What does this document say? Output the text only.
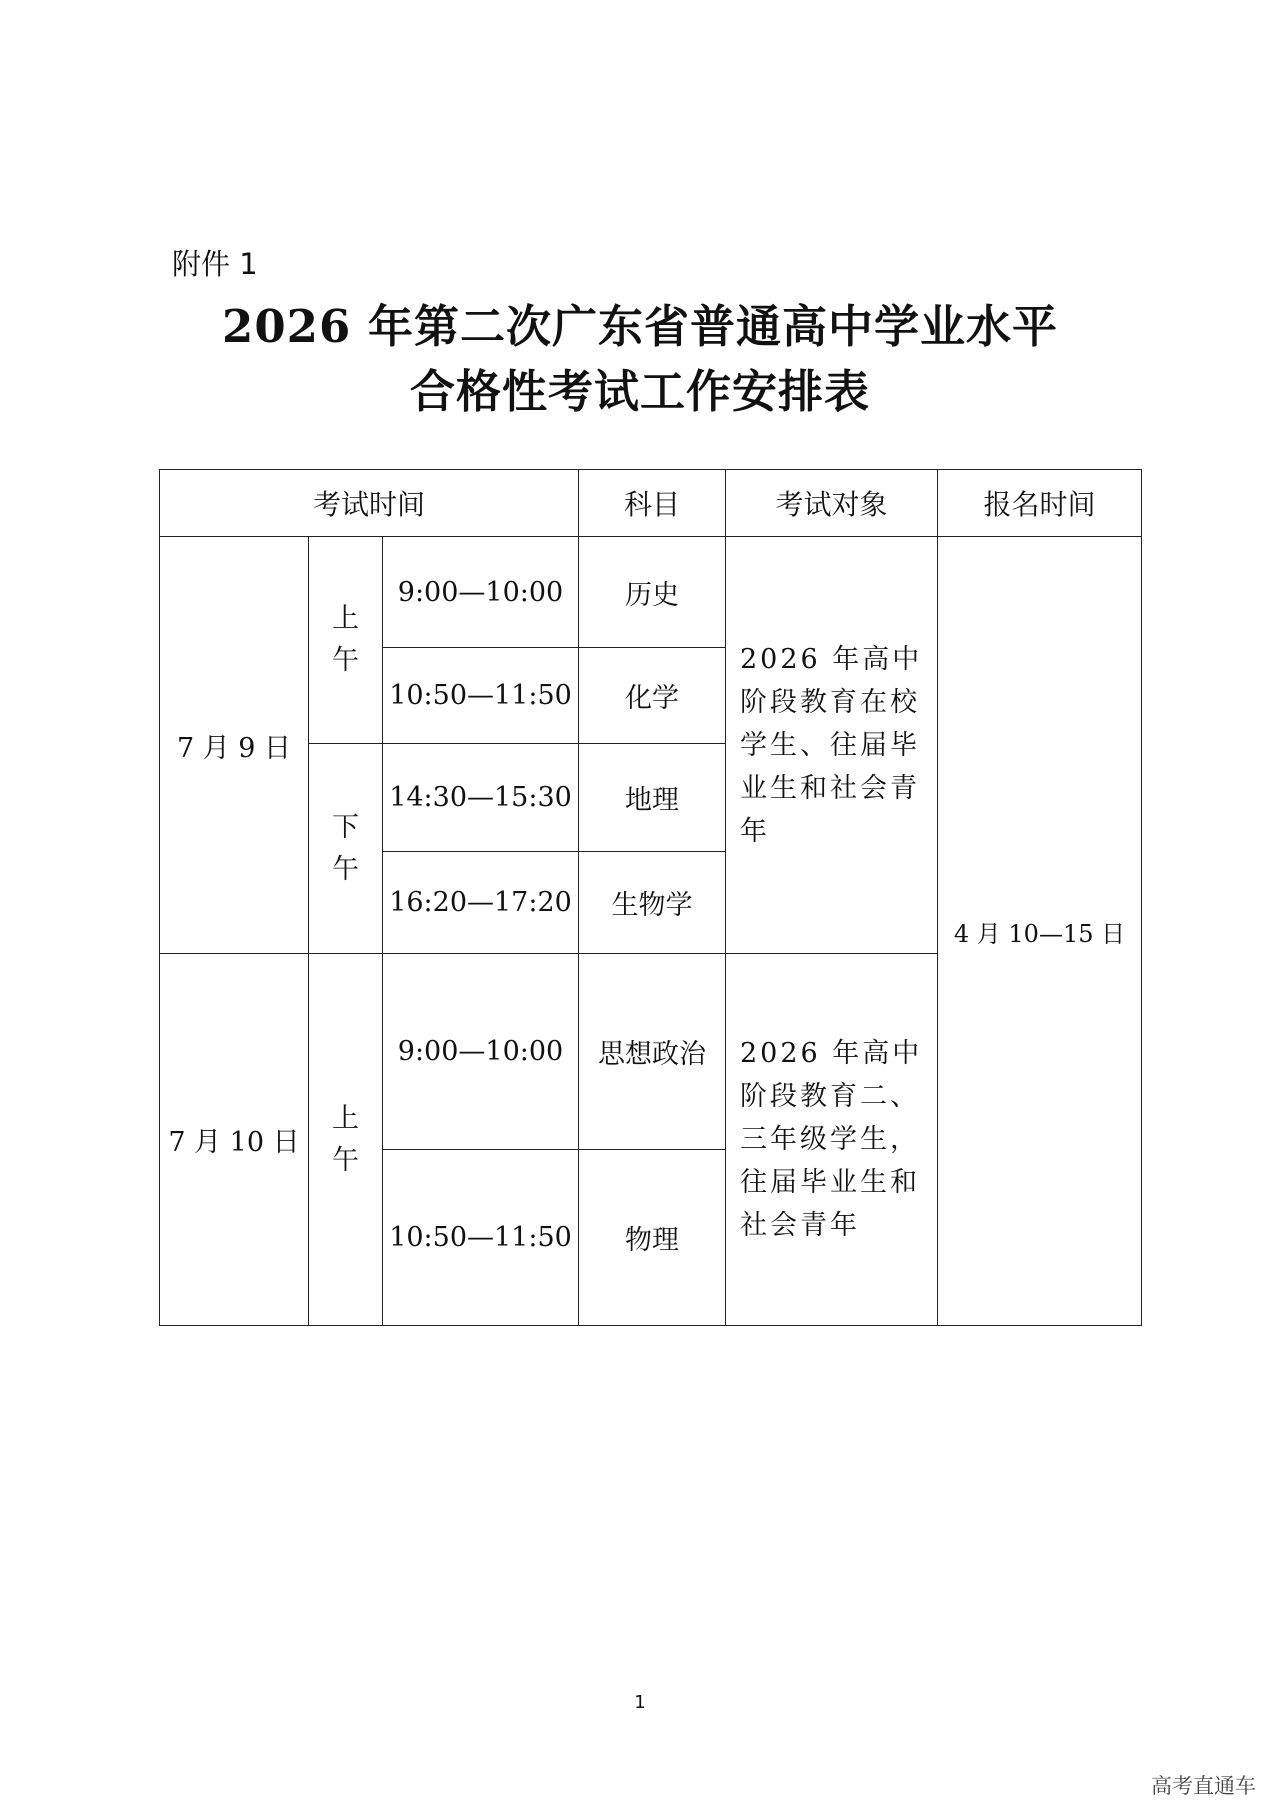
附件 1
2026 年第二次广东省普通高中学业水平
合格性考试工作安排表
考试时间			科目	考试对象	报名时间
7 月 9 日	上午	9:00—10:00	历史	2026 年高中阶段教育在校学生、往届毕业生和社会青年	4 月 10—15 日
		10:50—11:50	化学		

	下午	14:30—15:30	地理		
		16:20—17:20	生物学		
7 月 10 日	上午	9:00—10:00	思想政治	2026 年高中阶段教育二、三年级学生，往届毕业生和社会青年	

		10:50—11:50	物理		
1
高考直通车
